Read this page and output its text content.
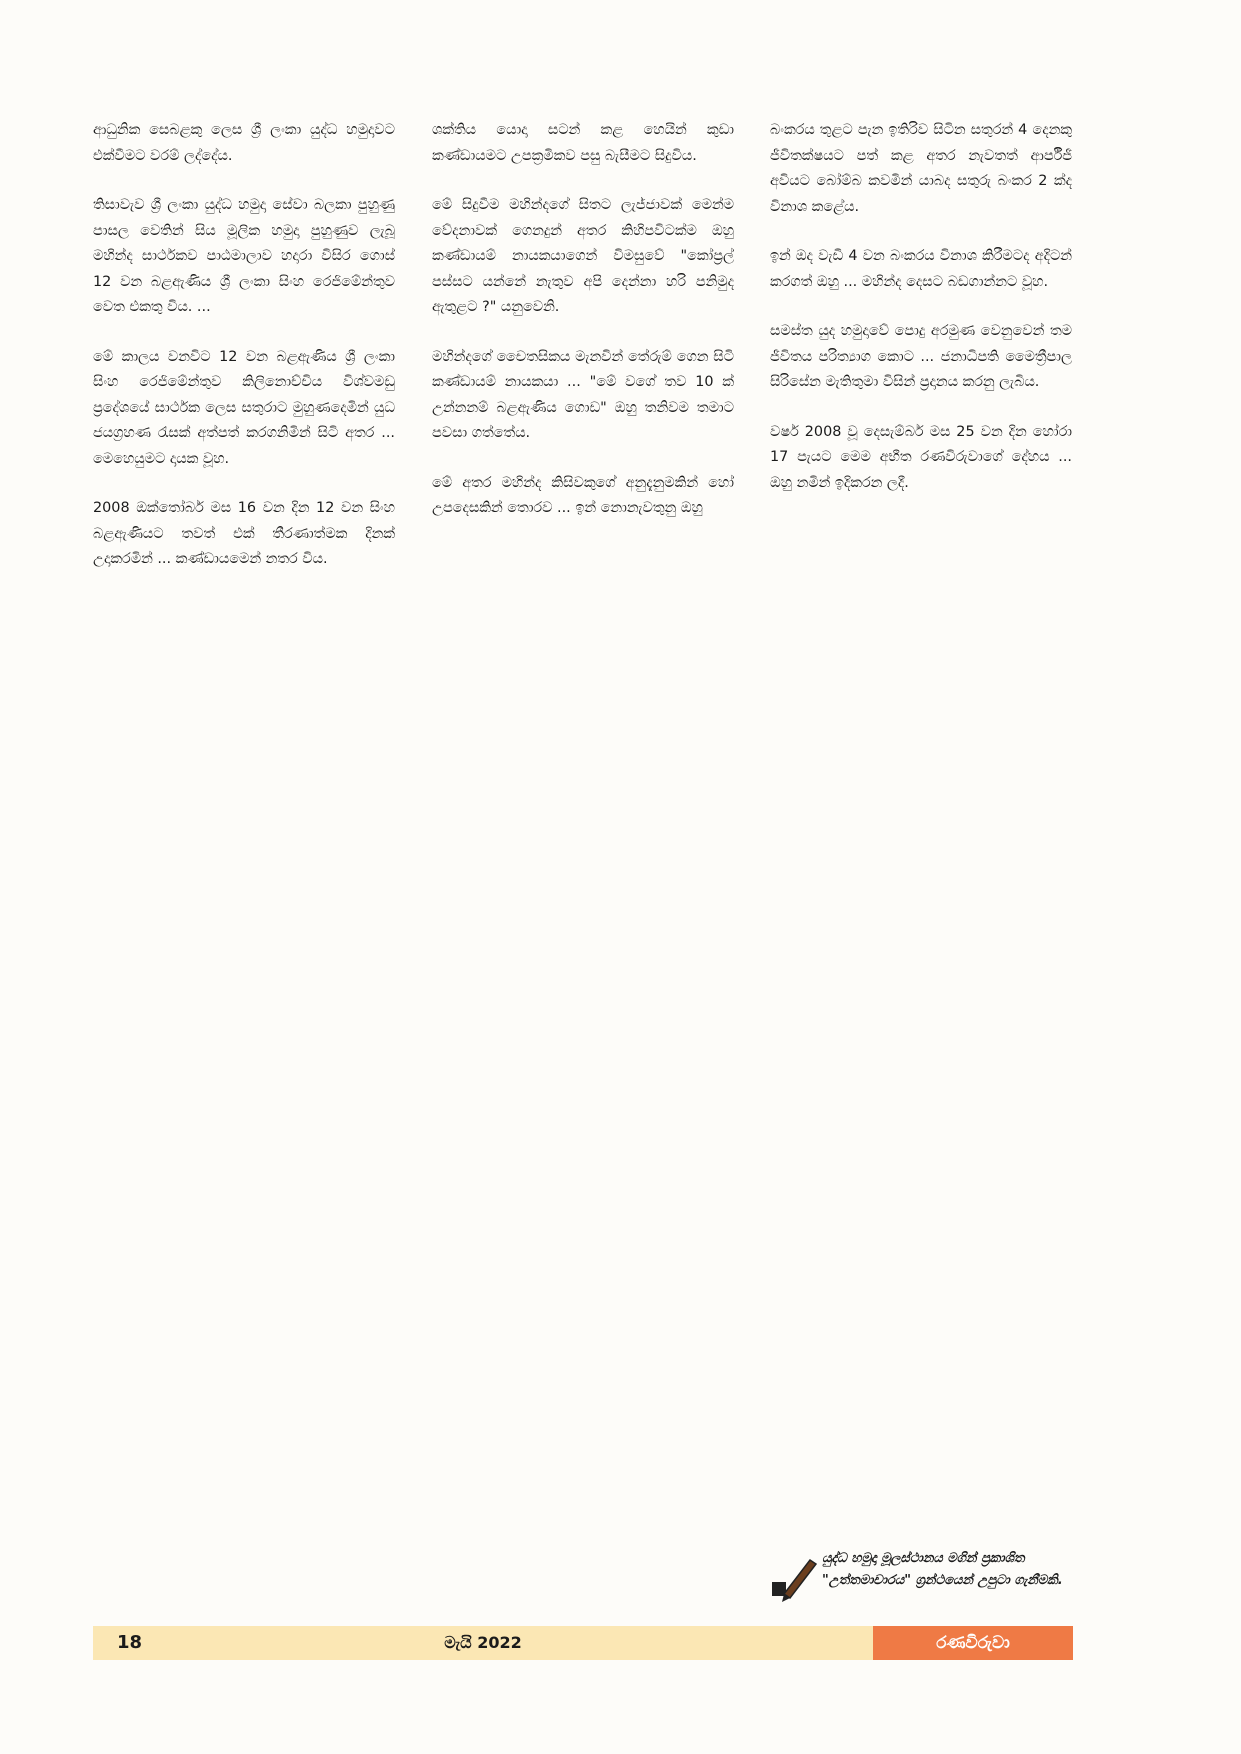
ආධුනික සෙබළකු ලෙස ශ්‍රී ලංකා යුද්ධ හමුදාවට එක්වීමට වරම් ලද්දේය.

තිසාවැව ශ්‍රී ලංකා යුද්ධ හමුදා සේවා බලකා පුහුණු පාසල වෙතින් සිය මූලික හමුදා පුහුණුව ලැබූ මහින්ද සාර්ථකව පාඨමාලාව හදාරා විසිර ගොස් 12 වන බළඇණිය ශ්‍රී ලංකා සිංහ රෙජිමේන්තුව වෙත එකතු විය. ...

මේ කාලය වනවිට 12 වන බළඇණිය ශ්‍රී ලංකා සිංහ රෙජිමේන්තුව කිලිනොච්චිය විශ්වමඩු ප්‍රදේශයේ සාර්ථක ලෙස සතුරාට මුහුණදෙමින් යුධ ජයග්‍රහණ රැසක් අත්පත් කරගනිමින් සිටි අතර ... මෙහෙයුමට දායක වූහ.

2008 ඔක්තෝබර් මස 16 වන දින 12 වන සිංහ බළඇණියට තවත් එක් තීරණාත්මක දිනක් උදාකරමින් ... කණ්ඩායමෙන් නතර විය.

ශක්තිය යොදා සටන් කළ හෙයින් කුඩා කණ්ඩායමට උපක්‍රමිකව පසු බැසීමට සිදුවිය.

මේ සිදුවීම මහින්දගේ සිතට ලැජ්ජාවක් මෙන්ම වේදනාවක් ගෙනදුන් අතර කිහිපවිටක්ම ඔහු කණ්ඩායම් නායකයාගෙන් විමසුවේ "කෝප්‍රල් පස්සට යන්නේ නැතුව අපි දෙන්නා හරි පනිමුද ඇතුළට ?" යනුවෙනි.

මහින්දගේ චෛතසිකය මැනවින් තේරුම් ගෙන සිටි කණ්ඩායම් නායකයා ... "මේ වගේ තව 10 ක් උන්නනම් බළඇණිය ගොඩ" ඔහු තනිවම තමාට පවසා ගත්තේය.

මේ අතර මහින්ද කිසිවකුගේ අනුදැනුමකින් හෝ උපදෙසකින් තොරව ... ඉන් නොනැවතුනු ඔහු

බංකරය තුළට පැන ඉතිරිව සිටින සතුරන් 4 දෙනකු ජීවිතක්ෂයට පත් කළ අතර නැවතත් ආර්පීජී අවියට බෝම්බ කවමින් යාබද සතුරු බංකර 2 ක්ද විනාශ කළේය.

ඉන් ඔද වැඩී 4 වන බංකරය විනාශ කිරීමටද අදිටන් කරගත් ඔහු ... මහින්ද දෙසට බඩගාන්නට වූහ.

සමස්ත යුද හමුදාවේ පොදු අරමුණ වෙනුවෙන් තම ජීවිතය පරිත්‍යාග කොට ... ජනාධිපති මෛත්‍රීපාල සිරිසේන මැතිතුමා විසින් ප්‍රදානය කරනු ලැබිය.

වර්ෂ 2008 වූ දෙසැම්බර් මස 25 වන දින හෝරා 17 පැයට මෙම අභීත රණවිරුවාගේ දේහය ... ඔහු නමින් ඉදිකරන ලදී.

යුද්ධ හමුදා මූලස්ථානය මගින් ප්‍රකාශිත "උත්තමාචාරය" ග්‍රන්ථයෙන් උපුටා ගැනීමකි.
18	මැයි 2022	රණවිරුවා
